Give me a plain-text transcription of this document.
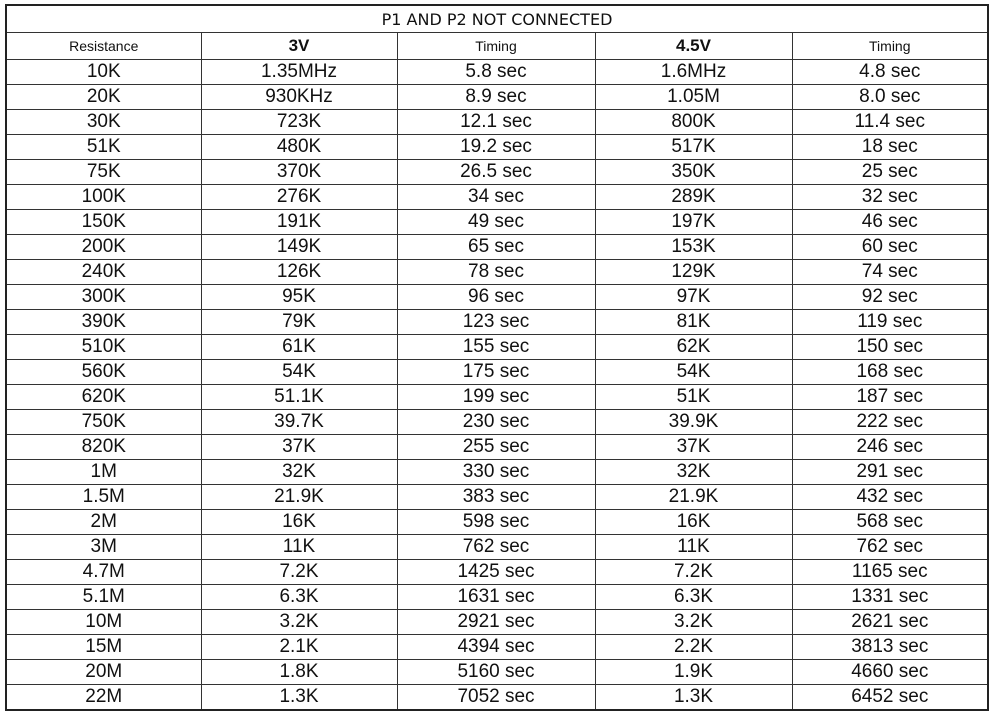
P1 AND P2 NOT CONNECTED				
Resistance	3V	Timing	4.5V	Timing
10K	1.35MHz	5.8 sec	1.6MHz	4.8 sec
20K	930KHz	8.9 sec	1.05M	8.0 sec
30K	723K	12.1 sec	800K	11.4 sec
51K	480K	19.2 sec	517K	18 sec
75K	370K	26.5 sec	350K	25 sec
100K	276K	34 sec	289K	32 sec
150K	191K	49 sec	197K	46 sec
200K	149K	65 sec	153K	60 sec
240K	126K	78 sec	129K	74 sec
300K	95K	96 sec	97K	92 sec
390K	79K	123 sec	81K	119 sec
510K	61K	155 sec	62K	150 sec
560K	54K	175 sec	54K	168 sec
620K	51.1K	199 sec	51K	187 sec
750K	39.7K	230 sec	39.9K	222 sec
820K	37K	255 sec	37K	246 sec
1M	32K	330 sec	32K	291 sec
1.5M	21.9K	383 sec	21.9K	432 sec
2M	16K	598 sec	16K	568 sec
3M	11K	762 sec	11K	762 sec
4.7M	7.2K	1425 sec	7.2K	1165 sec
5.1M	6.3K	1631 sec	6.3K	1331 sec
10M	3.2K	2921 sec	3.2K	2621 sec
15M	2.1K	4394 sec	2.2K	3813 sec
20M	1.8K	5160 sec	1.9K	4660 sec
22M	1.3K	7052 sec	1.3K	6452 sec
